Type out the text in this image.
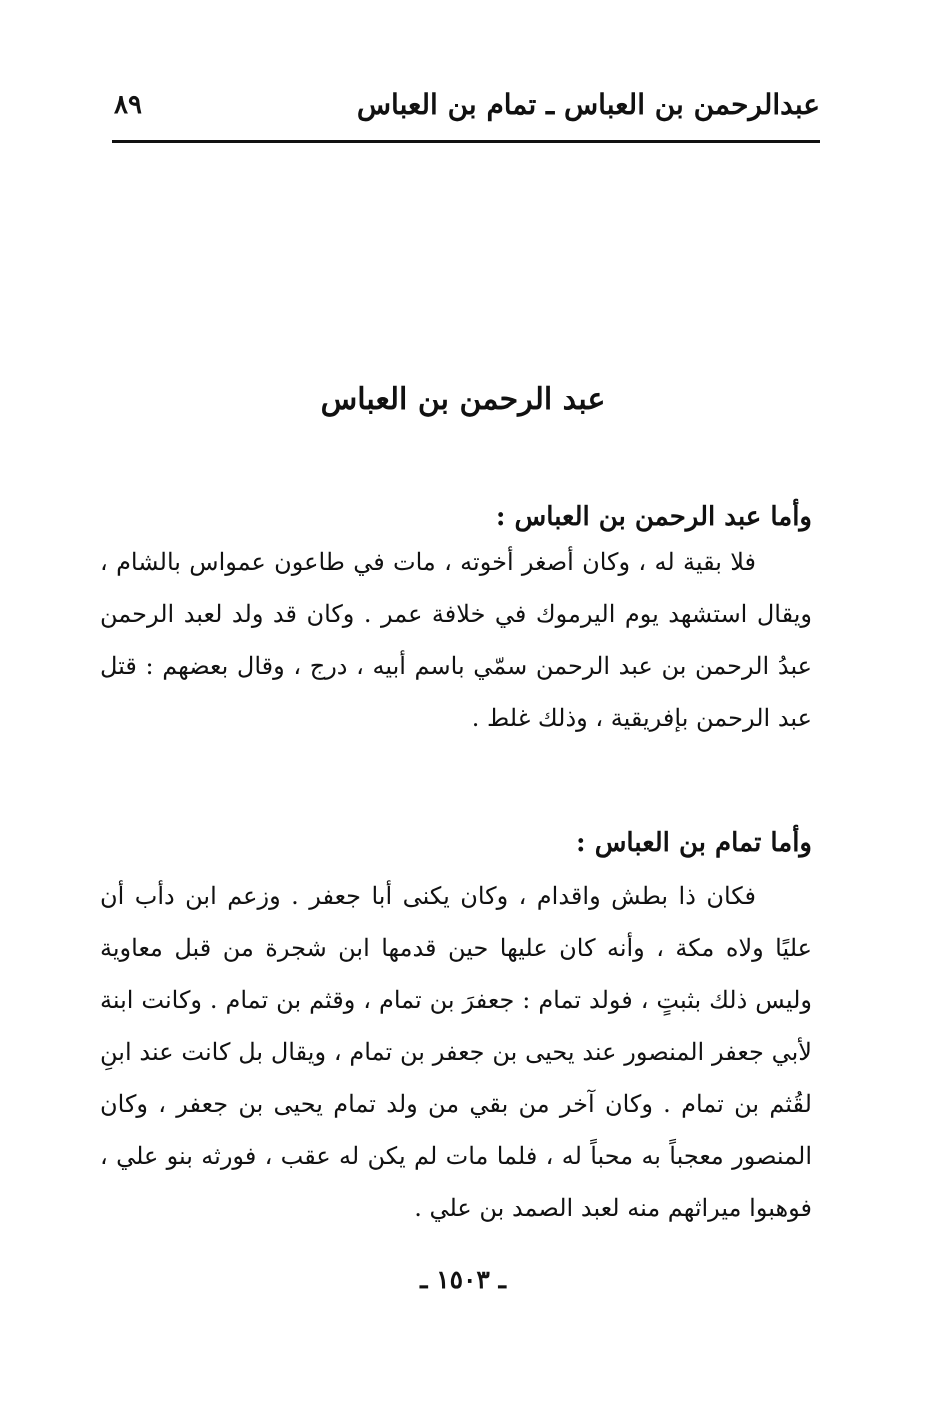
عبدالرحمن بن العباس ـ تمام بن العباس
٨٩
عبد الرحمن بن العباس
وأما عبد الرحمن بن العباس :
فلا بقية له ، وكان أصغر أخوته ، مات في طاعون عمواس بالشام ، ويقال استشهد يوم اليرموك في خلافة عمر . وكان قد ولد لعبد الرحمن عبدُ الرحمن بن عبد الرحمن سمّي باسم أبيه ، درج ، وقال بعضهم : قتل عبد الرحمن بإفريقية ، وذلك غلط .
وأما تمام بن العباس :
فكان ذا بطش واقدام ، وكان يكنى أبا جعفر . وزعم ابن دأب أن عليًا ولاه مكة ، وأنه كان عليها حين قدمها ابن شجرة من قبل معاوية وليس ذلك بثبتٍ ، فولد تمام : جعفرَ بن تمام ، وقثم بن تمام . وكانت ابنة لأبي جعفر المنصور عند يحيى بن جعفر بن تمام ، ويقال بل كانت عند ابنِ لقُثم بن تمام . وكان آخر من بقي من ولد تمام يحيى بن جعفر ، وكان المنصور معجباً به محباً له ، فلما مات لم يكن له عقب ، فورثه بنو علي ، فوهبوا ميراثهم منه لعبد الصمد بن علي .
ـ ١٥٠٣ ـ
